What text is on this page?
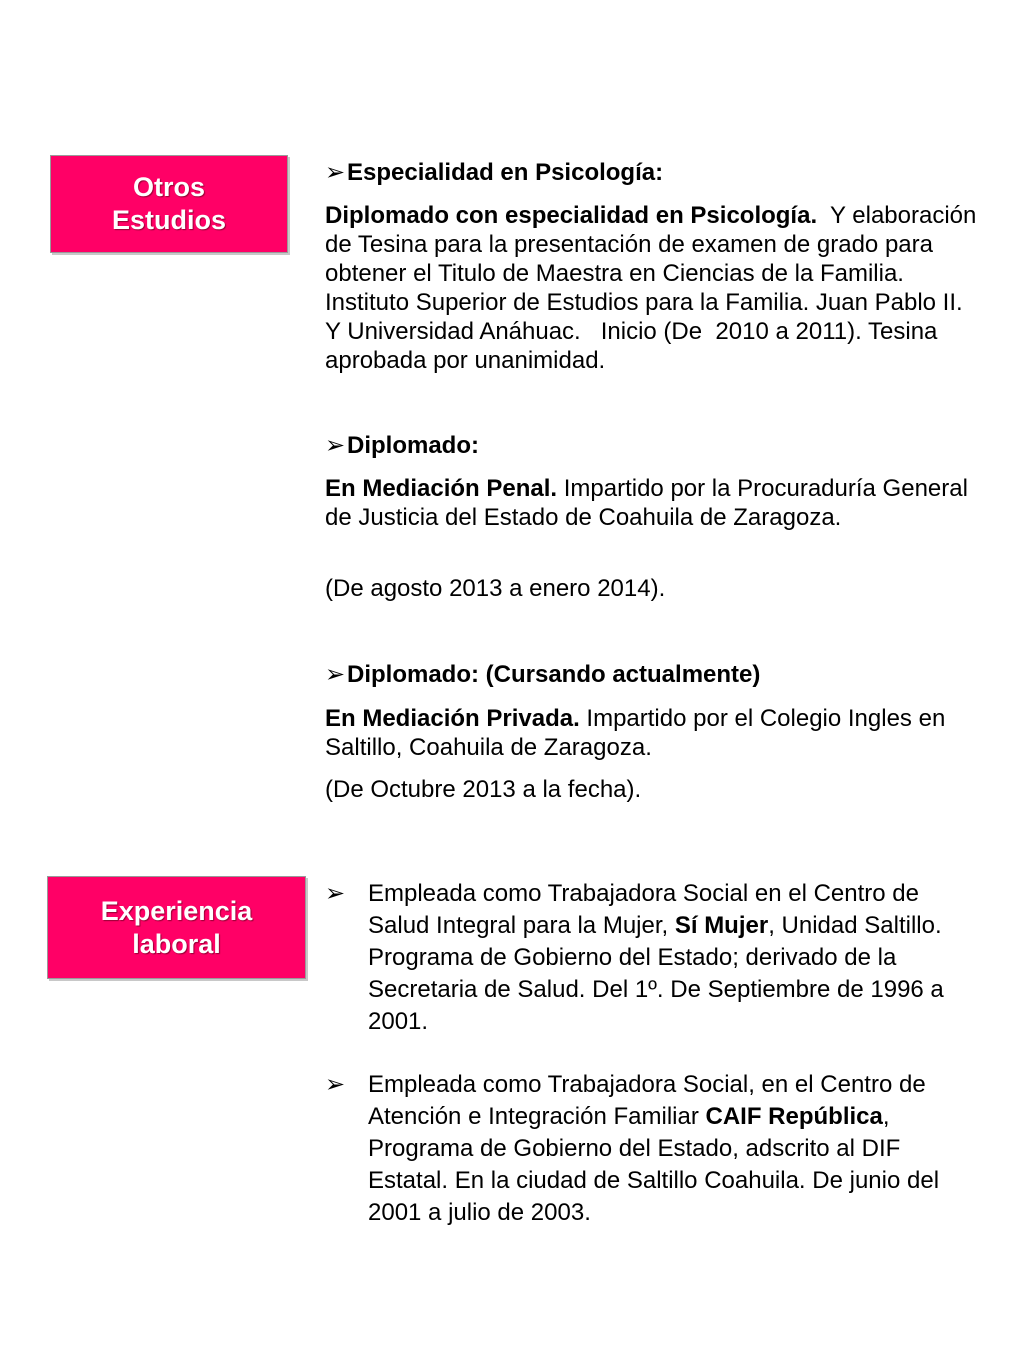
Otros
Estudios
➢Especialidad en Psicología:
Diplomado con especialidad en Psicología.  Y elaboración de Tesina para la presentación de examen de grado para obtener el Titulo de Maestra en Ciencias de la Familia. Instituto Superior de Estudios para la Familia. Juan Pablo II.  Y Universidad Anáhuac.   Inicio (De  2010 a 2011). Tesina aprobada por unanimidad.
➢Diplomado:
En Mediación Penal. Impartido por la Procuraduría General de Justicia del Estado de Coahuila de Zaragoza.
(De agosto 2013 a enero 2014).
➢Diplomado: (Cursando actualmente)
En Mediación Privada. Impartido por el Colegio Ingles en Saltillo, Coahuila de Zaragoza.
(De Octubre 2013 a la fecha).
Experiencia
laboral
➢ Empleada como Trabajadora Social en el Centro de Salud Integral para la Mujer, Sí Mujer, Unidad Saltillo. Programa de Gobierno del Estado; derivado de la Secretaria de Salud. Del 1º. De Septiembre de 1996 a 2001.
➢ Empleada como Trabajadora Social, en el Centro de Atención e Integración Familiar CAIF República, Programa de Gobierno del Estado, adscrito al DIF Estatal. En la ciudad de Saltillo Coahuila. De junio del 2001 a julio de 2003.
